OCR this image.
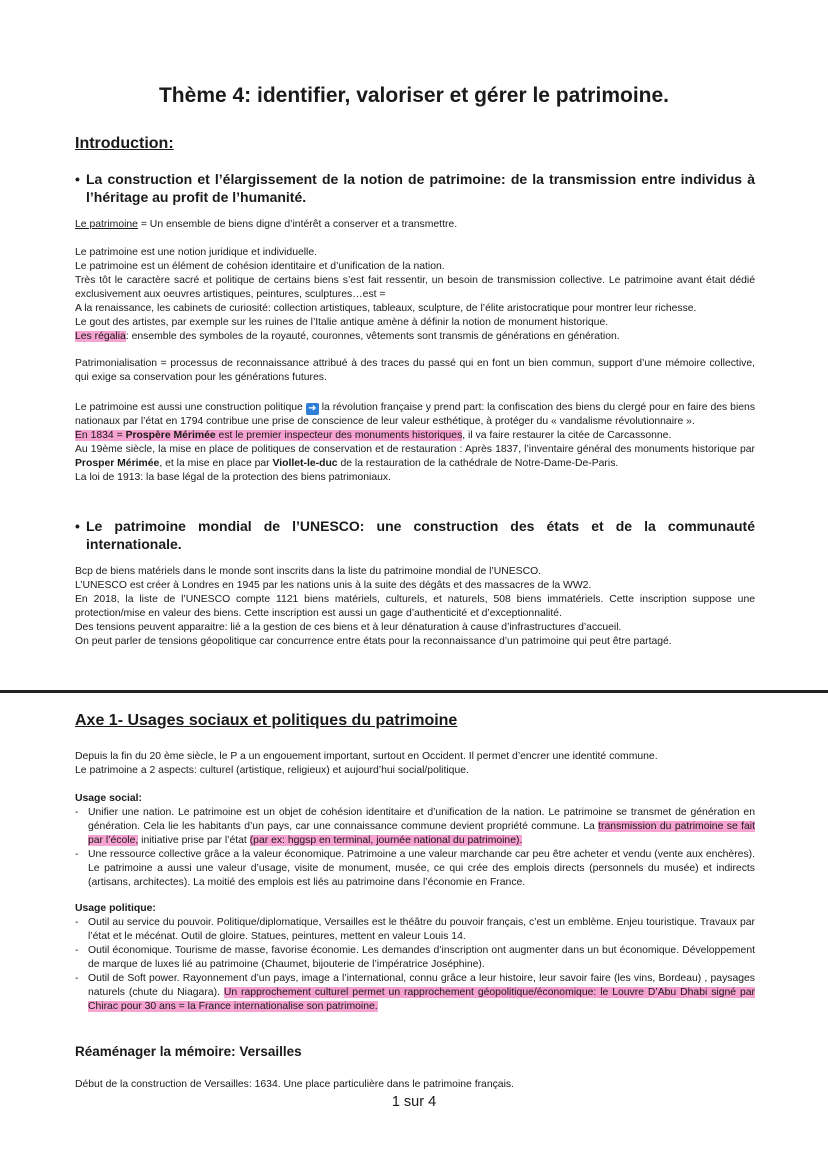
Thème 4: identifier, valoriser et gérer le patrimoine.
Introduction:
• La construction et l’élargissement de la notion de patrimoine: de la transmission entre individus à l’héritage au profit de l’humanité.
Le patrimoine = Un ensemble de biens digne d’intérêt a conserver et a transmettre.
Le patrimoine est une notion juridique et individuelle.
Le patrimoine est un élément de cohésion identitaire et d’unification de la nation.
Très tôt le caractère sacré et politique de certains biens s’est fait ressentir, un besoin de transmission collective. Le patrimoine avant était dédié exclusivement aux oeuvres artistiques, peintures, sculptures…est =
A la renaissance, les cabinets de curiosité: collection artistiques, tableaux, sculpture, de l’élite aristocratique pour montrer leur richesse.
Le gout des artistes, par exemple sur les ruines de l’Italie antique amène à définir la notion de monument historique.
Les régalia: ensemble des symboles de la royauté, couronnes, vêtements sont transmis de générations en génération.
Patrimonialisation = processus de reconnaissance attribué à des traces du passé qui en font un bien commun, support d’une mémoire collective, qui exige sa conservation pour les générations futures.
Le patrimoine est aussi une construction politique ➜ la révolution française y prend part: la confiscation des biens du clergé pour en faire des biens nationaux par l’état en 1794 contribue une prise de conscience de leur valeur esthétique, à protéger du « vandalisme révolutionnaire ».
En 1834 = Prospère Mérimée est le premier inspecteur des monuments historiques, il va faire restaurer la citée de Carcassonne.
Au 19ème siècle, la mise en place de politiques de conservation et de restauration : Après 1837, l’inventaire général des monuments historique par Prosper Mérimée, et la mise en place par Viollet-le-duc de la restauration de la cathédrale de Notre-Dame-De-Paris.
La loi de 1913: la base légal de la protection des biens patrimoniaux.
• Le patrimoine mondial de l’UNESCO: une construction des états et de la communauté internationale.
Bcp de biens matériels dans le monde sont inscrits dans la liste du patrimoine mondial de l’UNESCO.
L’UNESCO est créer à Londres en 1945 par les nations unis à la suite des dégâts et des massacres de la WW2.
En 2018, la liste de l’UNESCO compte 1121 biens matériels, culturels, et naturels, 508 biens immatériels. Cette inscription suppose une protection/mise en valeur des biens. Cette inscription est aussi un gage d’authenticité et d’exceptionnalité.
Des tensions peuvent apparaitre: lié a la gestion de ces biens et à leur dénaturation à cause d’infrastructures d’accueil.
On peut parler de tensions géopolitique car concurrence entre états pour la reconnaissance d’un patrimoine qui peut être partagé.
Axe 1- Usages sociaux et politiques du patrimoine
Depuis la fin du 20 ème siècle, le P a un engouement important, surtout en Occident. Il permet d’encrer une identité commune.
Le patrimoine a 2 aspects: culturel (artistique, religieux) et aujourd’hui social/politique.
Usage social:
- Unifier une nation. Le patrimoine est un objet de cohésion identitaire et d’unification de la nation. Le patrimoine se transmet de génération en génération. Cela lie les habitants d’un pays, car une connaissance commune devient propriété commune. La transmission du patrimoine se fait par l’école, initiative prise par l’état (par ex: hggsp en terminal, journée national du patrimoine).
- Une ressource collective grâce a la valeur économique. Patrimoine a une valeur marchande car peu être acheter et vendu (vente aux enchères). Le patrimoine a aussi une valeur d’usage, visite de monument, musée, ce qui crée des emplois directs (personnels du musée) et indirects (artisans, architectes). La moitié des emplois est liés au patrimoine dans l’économie en France.
Usage politique:
- Outil au service du pouvoir. Politique/diplomatique, Versailles est le théâtre du pouvoir français, c’est un emblème. Enjeu touristique. Travaux par l’état et le mécénat. Outil de gloire. Statues, peintures, mettent en valeur Louis 14.
- Outil économique. Tourisme de masse, favorise économie. Les demandes d’inscription ont augmenter dans un but économique. Développement de marque de luxes lié au patrimoine (Chaumet, bijouterie de l’impératrice Joséphine).
- Outil de Soft power. Rayonnement d’un pays, image a l’international, connu grâce a leur histoire, leur savoir faire (les vins, Bordeau) , paysages naturels (chute du Niagara). Un rapprochement culturel permet un rapprochement géopolitique/économique: le Louvre D’Abu Dhabi signé par Chirac pour 30 ans = la France internationalise son patrimoine.
Réaménager la mémoire: Versailles
Début de la construction de Versailles: 1634. Une place particulière dans le patrimoine français.
1 sur 4
